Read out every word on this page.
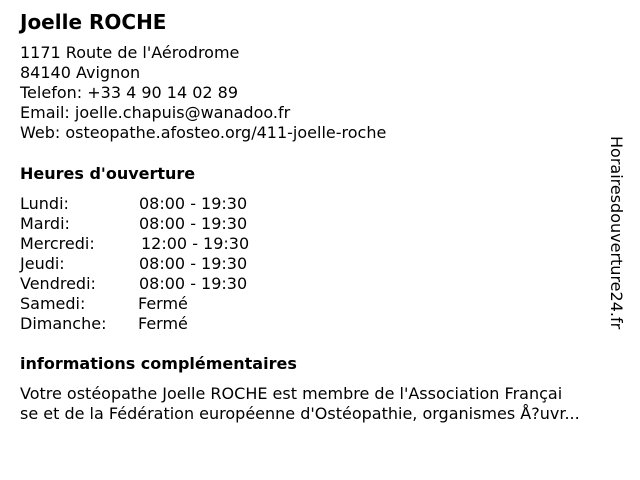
Joelle ROCHE
1171 Route de l'Aérodrome
84140 Avignon
Telefon: +33 4 90 14 02 89
Email: joelle.chapuis@wanadoo.fr
Web: osteopathe.afosteo.org/411-joelle-roche
Heures d'ouverture
Lundi:	08:00 - 19:30
Mardi:	08:00 - 19:30
Mercredi:	12:00 - 19:30
Jeudi:	08:00 - 19:30
Vendredi:	08:00 - 19:30
Samedi:	Fermé
Dimanche: Fermé
informations complémentaires
Votre ostéopathe Joelle ROCHE est membre de l'Association Françai
se et de la Fédération européenne d'Ostéopathie, organismes Å?uvr...
Horairesdouverture24.fr
